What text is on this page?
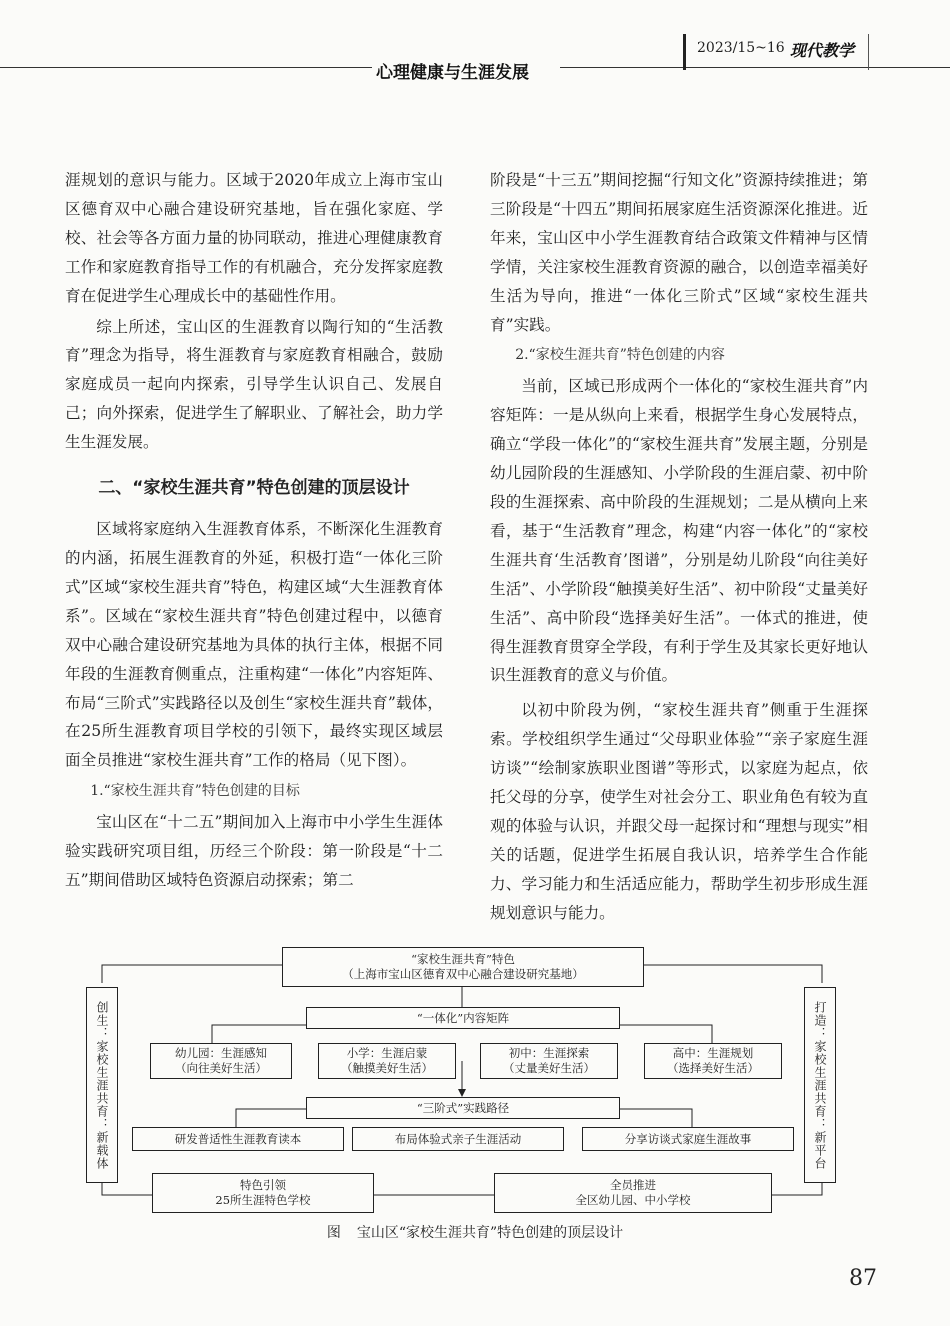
心理健康与生涯发展
2023/15~16 现代教学

涯规划的意识与能力。区域于2020年成立上海市宝山区德育双中心融合建设研究基地，旨在强化家庭、学校、社会等各方面力量的协同联动，推进心理健康教育工作和家庭教育指导工作的有机融合，充分发挥家庭教育在促进学生心理成长中的基础性作用。

综上所述，宝山区的生涯教育以陶行知的“生活教育”理念为指导，将生涯教育与家庭教育相融合，鼓励家庭成员一起向内探索，引导学生认识自己、发展自己；向外探索，促进学生了解职业、了解社会，助力学生生涯发展。

二、“家校生涯共育”特色创建的顶层设计

区域将家庭纳入生涯教育体系，不断深化生涯教育的内涵，拓展生涯教育的外延，积极打造“一体化三阶式”区域“家校生涯共育”特色，构建区域“大生涯教育体系”。区域在“家校生涯共育”特色创建过程中，以德育双中心融合建设研究基地为具体的执行主体，根据不同年段的生涯教育侧重点，注重构建“一体化”内容矩阵、布局“三阶式”实践路径以及创生“家校生涯共育”载体，在25所生涯教育项目学校的引领下，最终实现区域层面全员推进“家校生涯共育”工作的格局（见下图）。

1.“家校生涯共育”特色创建的目标

宝山区在“十二五”期间加入上海市中小学生生涯体验实践研究项目组，历经三个阶段：第一阶段是“十二五”期间借助区域特色资源启动探索；第二

阶段是“十三五”期间挖掘“行知文化”资源持续推进；第三阶段是“十四五”期间拓展家庭生活资源深化推进。近年来，宝山区中小学生涯教育结合政策文件精神与区情学情，关注家校生涯教育资源的融合，以创造幸福美好生活为导向，推进“一体化三阶式”区域“家校生涯共育”实践。

2.“家校生涯共育”特色创建的内容

当前，区域已形成两个一体化的“家校生涯共育”内容矩阵：一是从纵向上来看，根据学生身心发展特点，确立“学段一体化”的“家校生涯共育”发展主题，分别是幼儿园阶段的生涯感知、小学阶段的生涯启蒙、初中阶段的生涯探索、高中阶段的生涯规划；二是从横向上来看，基于“生活教育”理念，构建“内容一体化”的“家校生涯共育‘生活教育’图谱”，分别是幼儿阶段“向往美好生活”、小学阶段“触摸美好生活”、初中阶段“丈量美好生活”、高中阶段“选择美好生活”。一体式的推进，使得生涯教育贯穿全学段，有利于学生及其家长更好地认识生涯教育的意义与价值。

以初中阶段为例，“家校生涯共育”侧重于生涯探索。学校组织学生通过“父母职业体验”“亲子家庭生涯访谈”“绘制家族职业图谱”等形式，以家庭为起点，依托父母的分享，使学生对社会分工、职业角色有较为直观的体验与认识，并跟父母一起探讨和“理想与现实”相关的话题，促进学生拓展自我认识，培养学生合作能力、学习能力和生活适应能力，帮助学生初步形成生涯规划意识与能力。

“家校生涯共育”特色
（上海市宝山区德育双中心融合建设研究基地）
创生：家校生涯共育：新载体	打造：家校生涯共育：新平台
“一体化”内容矩阵
幼儿园：生涯感知
（向往美好生活）
小学：生涯启蒙
（触摸美好生活）
初中：生涯探索
（丈量美好生活）
高中：生涯规划
（选择美好生活）
“三阶式”实践路径
研发普适性生涯教育读本	布局体验式亲子生涯活动	分享访谈式家庭生涯故事
特色引领
25所生涯特色学校
全员推进
全区幼儿园、中小学校
图 宝山区“家校生涯共育”特色创建的顶层设计
87
